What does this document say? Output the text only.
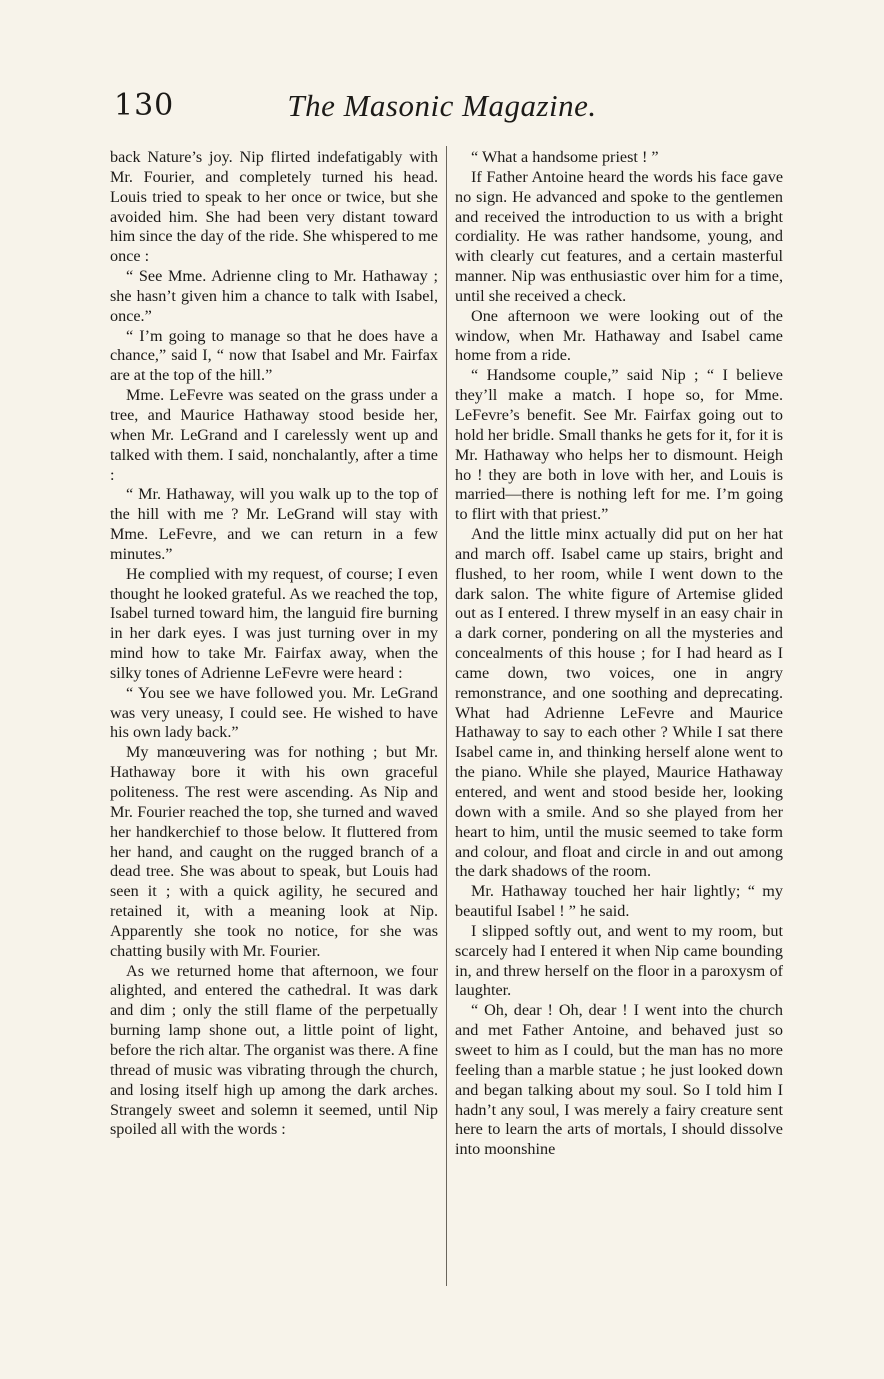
130	The Masonic Magazine.

back Nature’s joy. Nip flirted indefatigably with Mr. Fourier, and completely turned his head. Louis tried to speak to her once or twice, but she avoided him. She had been very distant toward him since the day of the ride. She whispered to me once :

“ See Mme. Adrienne cling to Mr. Hathaway ; she hasn’t given him a chance to talk with Isabel, once.”

“ I’m going to manage so that he does have a chance,” said I, “ now that Isabel and Mr. Fairfax are at the top of the hill.”

Mme. LeFevre was seated on the grass under a tree, and Maurice Hathaway stood beside her, when Mr. LeGrand and I carelessly went up and talked with them. I said, nonchalantly, after a time :

“ Mr. Hathaway, will you walk up to the top of the hill with me ? Mr. LeGrand will stay with Mme. LeFevre, and we can return in a few minutes.”

He complied with my request, of course; I even thought he looked grateful. As we reached the top, Isabel turned toward him, the languid fire burning in her dark eyes. I was just turning over in my mind how to take Mr. Fairfax away, when the silky tones of Adrienne LeFevre were heard :

“ You see we have followed you. Mr. LeGrand was very uneasy, I could see. He wished to have his own lady back.”

My manœuvering was for nothing ; but Mr. Hathaway bore it with his own graceful politeness. The rest were ascending. As Nip and Mr. Fourier reached the top, she turned and waved her handkerchief to those below. It fluttered from her hand, and caught on the rugged branch of a dead tree. She was about to speak, but Louis had seen it ; with a quick agility, he secured and retained it, with a meaning look at Nip. Apparently she took no notice, for she was chatting busily with Mr. Fourier.

As we returned home that afternoon, we four alighted, and entered the cathedral. It was dark and dim ; only the still flame of the perpetually burning lamp shone out, a little point of light, before the rich altar. The organist was there. A fine thread of music was vibrating through the church, and losing itself high up among the dark arches. Strangely sweet and solemn it seemed, until Nip spoiled all with the words :

“ What a handsome priest ! ”

If Father Antoine heard the words his face gave no sign. He advanced and spoke to the gentlemen and received the introduction to us with a bright cordiality. He was rather handsome, young, and with clearly cut features, and a certain masterful manner. Nip was enthusiastic over him for a time, until she received a check.

One afternoon we were looking out of the window, when Mr. Hathaway and Isabel came home from a ride.

“ Handsome couple,” said Nip ; “ I believe they’ll make a match. I hope so, for Mme. LeFevre’s benefit. See Mr. Fairfax going out to hold her bridle. Small thanks he gets for it, for it is Mr. Hathaway who helps her to dismount. Heigh ho ! they are both in love with her, and Louis is married—there is nothing left for me. I’m going to flirt with that priest.”

And the little minx actually did put on her hat and march off. Isabel came up stairs, bright and flushed, to her room, while I went down to the dark salon. The white figure of Artemise glided out as I entered. I threw myself in an easy chair in a dark corner, pondering on all the mysteries and concealments of this house ; for I had heard as I came down, two voices, one in angry remonstrance, and one soothing and deprecating. What had Adrienne LeFevre and Maurice Hathaway to say to each other ? While I sat there Isabel came in, and thinking herself alone went to the piano. While she played, Maurice Hathaway entered, and went and stood beside her, looking down with a smile. And so she played from her heart to him, until the music seemed to take form and colour, and float and circle in and out among the dark shadows of the room.

Mr. Hathaway touched her hair lightly; “ my beautiful Isabel ! ” he said.

I slipped softly out, and went to my room, but scarcely had I entered it when Nip came bounding in, and threw herself on the floor in a paroxysm of laughter.

“ Oh, dear ! Oh, dear ! I went into the church and met Father Antoine, and behaved just so sweet to him as I could, but the man has no more feeling than a marble statue ; he just looked down and began talking about my soul. So I told him I hadn’t any soul, I was merely a fairy creature sent here to learn the arts of mortals, I should dissolve into moonshine
